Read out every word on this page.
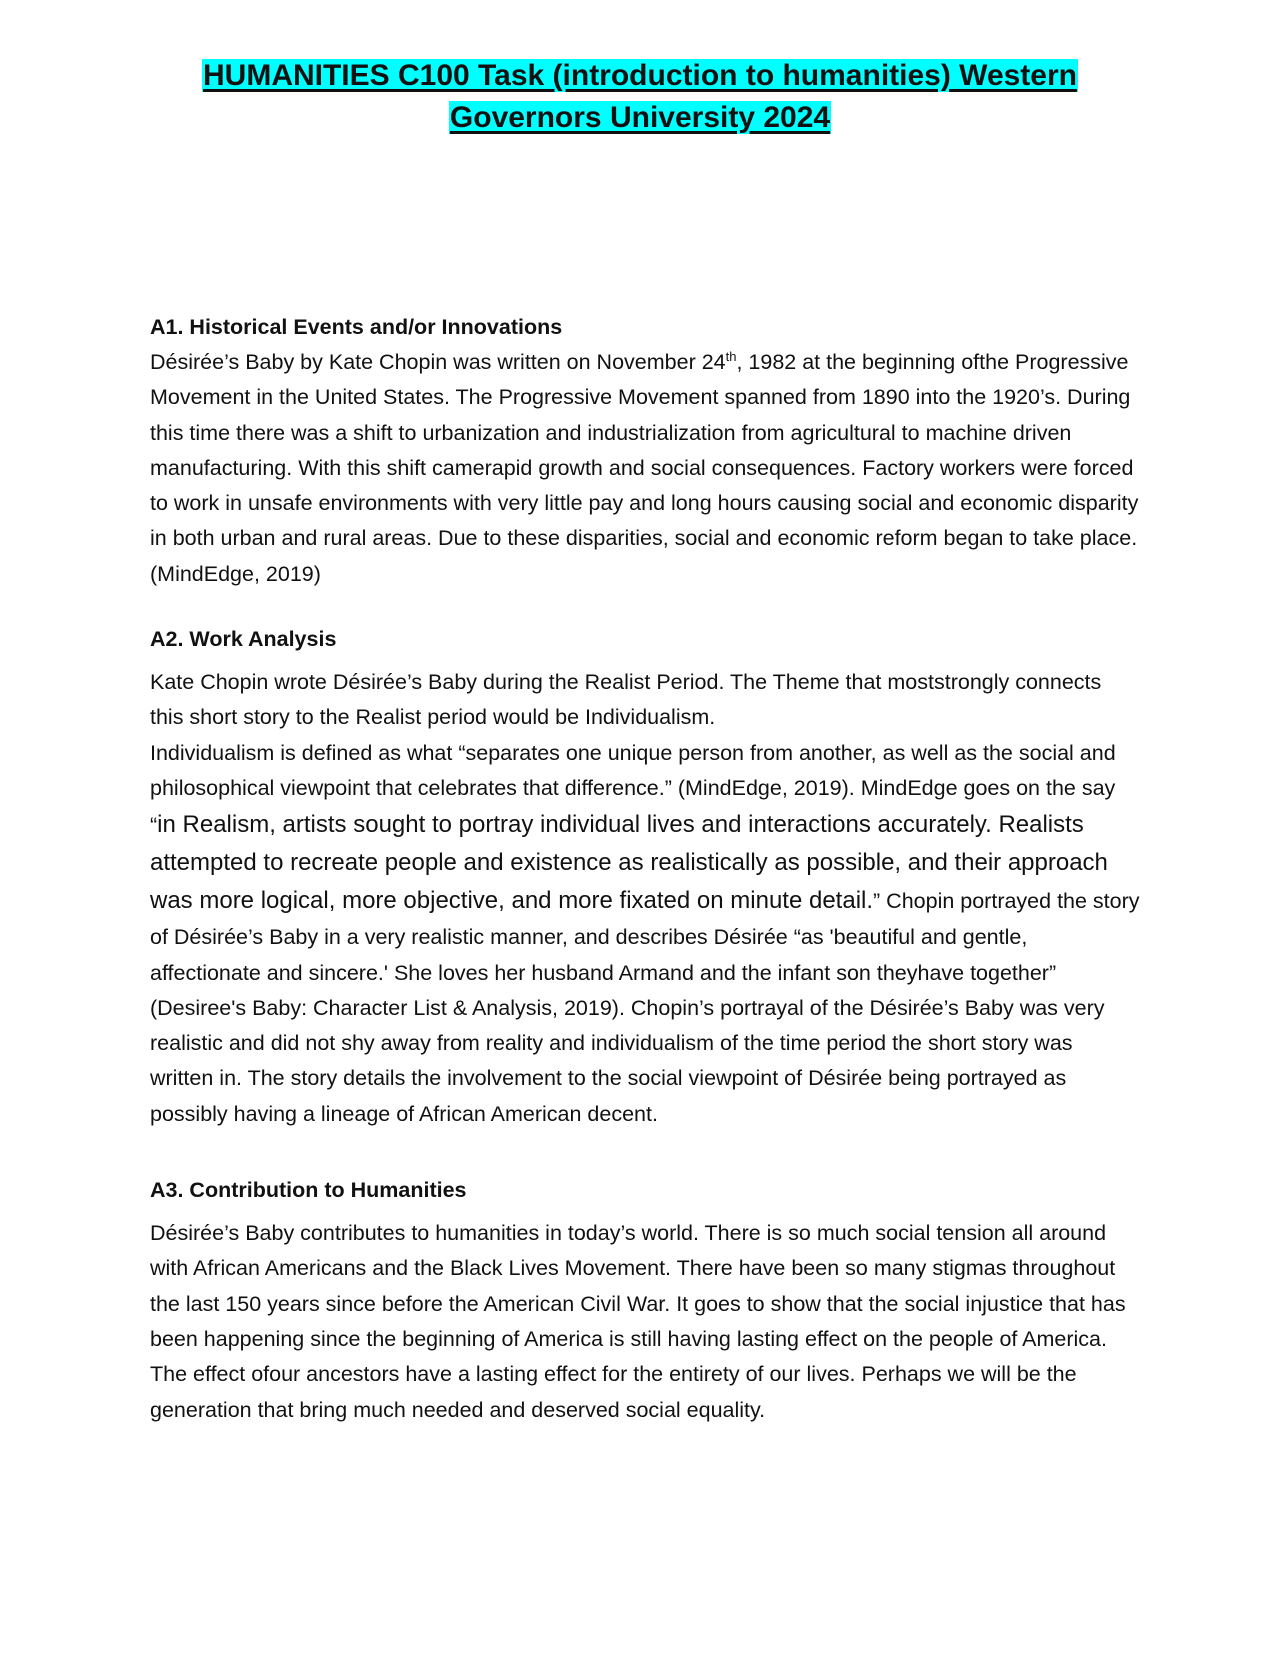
HUMANITIES C100 Task (introduction to humanities) Western
Governors University 2024

A1. Historical Events and/or Innovations

Désirée’s Baby by Kate Chopin was written on November 24th, 1982 at the beginning ofthe Progressive Movement in the United States. The Progressive Movement spanned from 1890 into the 1920’s. During this time there was a shift to urbanization and industrialization from agricultural to machine driven manufacturing. With this shift camerapid growth and social consequences. Factory workers were forced to work in unsafe environments with very little pay and long hours causing social and economic disparity in both urban and rural areas. Due to these disparities, social and economic reform began to take place. (MindEdge, 2019)

A2. Work Analysis

Kate Chopin wrote Désirée’s Baby during the Realist Period. The Theme that moststrongly connects this short story to the Realist period would be Individualism.

Individualism is defined as what “separates one unique person from another, as well as the social and philosophical viewpoint that celebrates that difference.” (MindEdge, 2019). MindEdge goes on the say “in Realism, artists sought to portray individual lives and interactions accurately. Realists attempted to recreate people and existence as realistically as possible, and their approach was more logical, more objective, and more fixated on minute detail.” Chopin portrayed the story of Désirée’s Baby in a very realistic manner, and describes Désirée “as 'beautiful and gentle, affectionate and sincere.' She loves her husband Armand and the infant son theyhave together” (Desiree's Baby: Character List & Analysis, 2019). Chopin’s portrayal of the Désirée’s Baby was very realistic and did not shy away from reality and individualism of the time period the short story was written in. The story details the involvement to the social viewpoint of Désirée being portrayed as possibly having a lineage of African American decent.

A3. Contribution to Humanities

Désirée’s Baby contributes to humanities in today’s world. There is so much social tension all around with African Americans and the Black Lives Movement. There have been so many stigmas throughout the last 150 years since before the American Civil War. It goes to show that the social injustice that has been happening since the beginning of America is still having lasting effect on the people of America. The effect ofour ancestors have a lasting effect for the entirety of our lives. Perhaps we will be the generation that bring much needed and deserved social equality.
